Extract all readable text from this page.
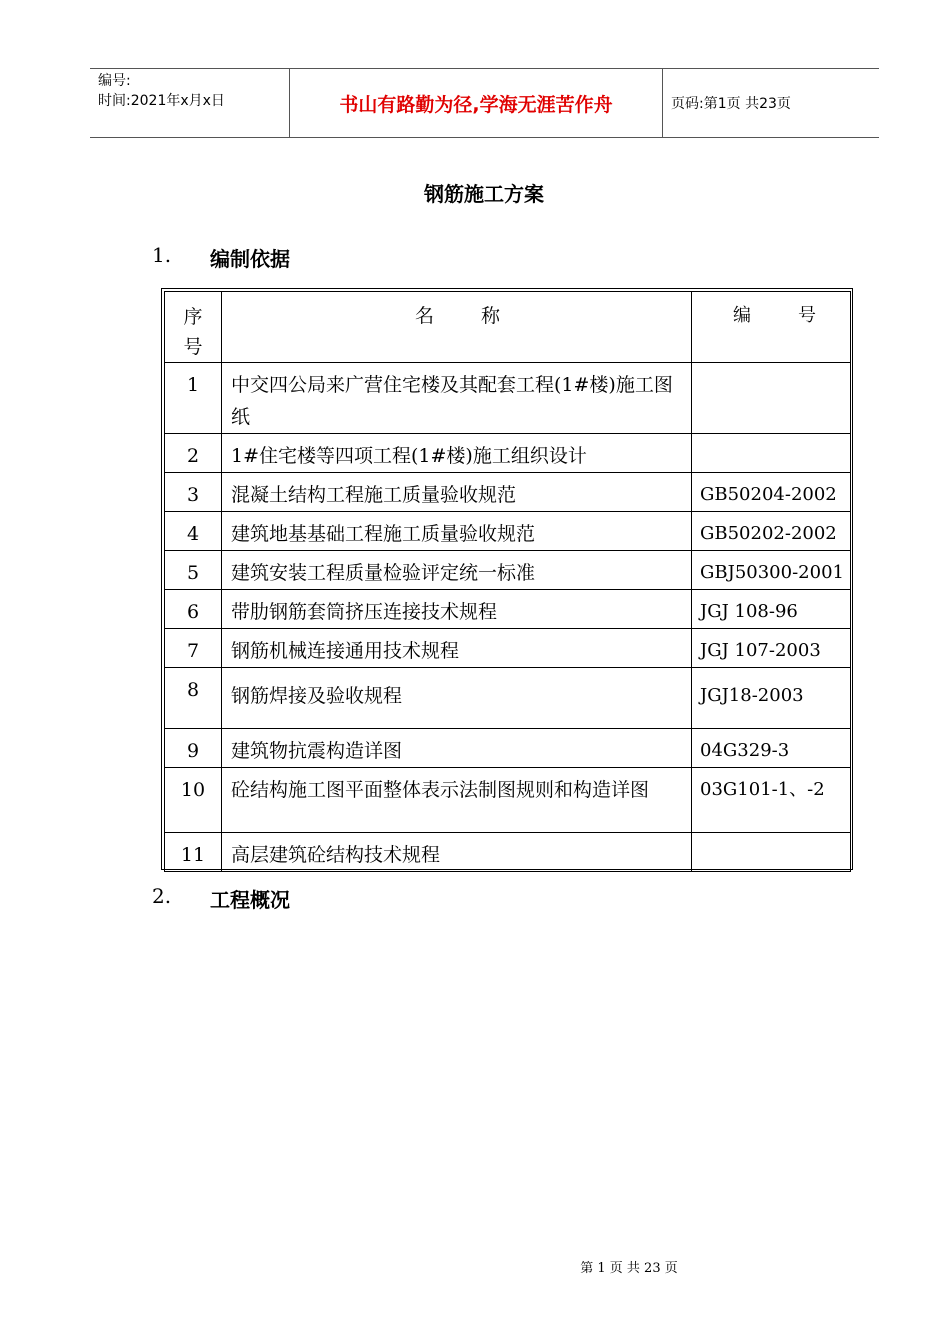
编号:
时间:2021年x月x日	书山有路勤为径,学海无涯苦作舟	页码:第1页 共23页
钢筋施工方案
1.	编制依据
序
号	名 称	编 号
1	中交四公局来广营住宅楼及其配套工程(1#楼)施工图纸	
2	1#住宅楼等四项工程(1#楼)施工组织设计	
3	混凝土结构工程施工质量验收规范	GB50204-2002
4	建筑地基基础工程施工质量验收规范	GB50202-2002
5	建筑安装工程质量检验评定统一标准	GBJ50300-2001
6	带肋钢筋套筒挤压连接技术规程	JGJ 108-96
7	钢筋机械连接通用技术规程	JGJ 107-2003
8	钢筋焊接及验收规程	JGJ18-2003
9	建筑物抗震构造详图	04G329-3
10	砼结构施工图平面整体表示法制图规则和构造详图	03G101-1、-2
11	高层建筑砼结构技术规程	
2.	工程概况
第 1 页 共 23 页
